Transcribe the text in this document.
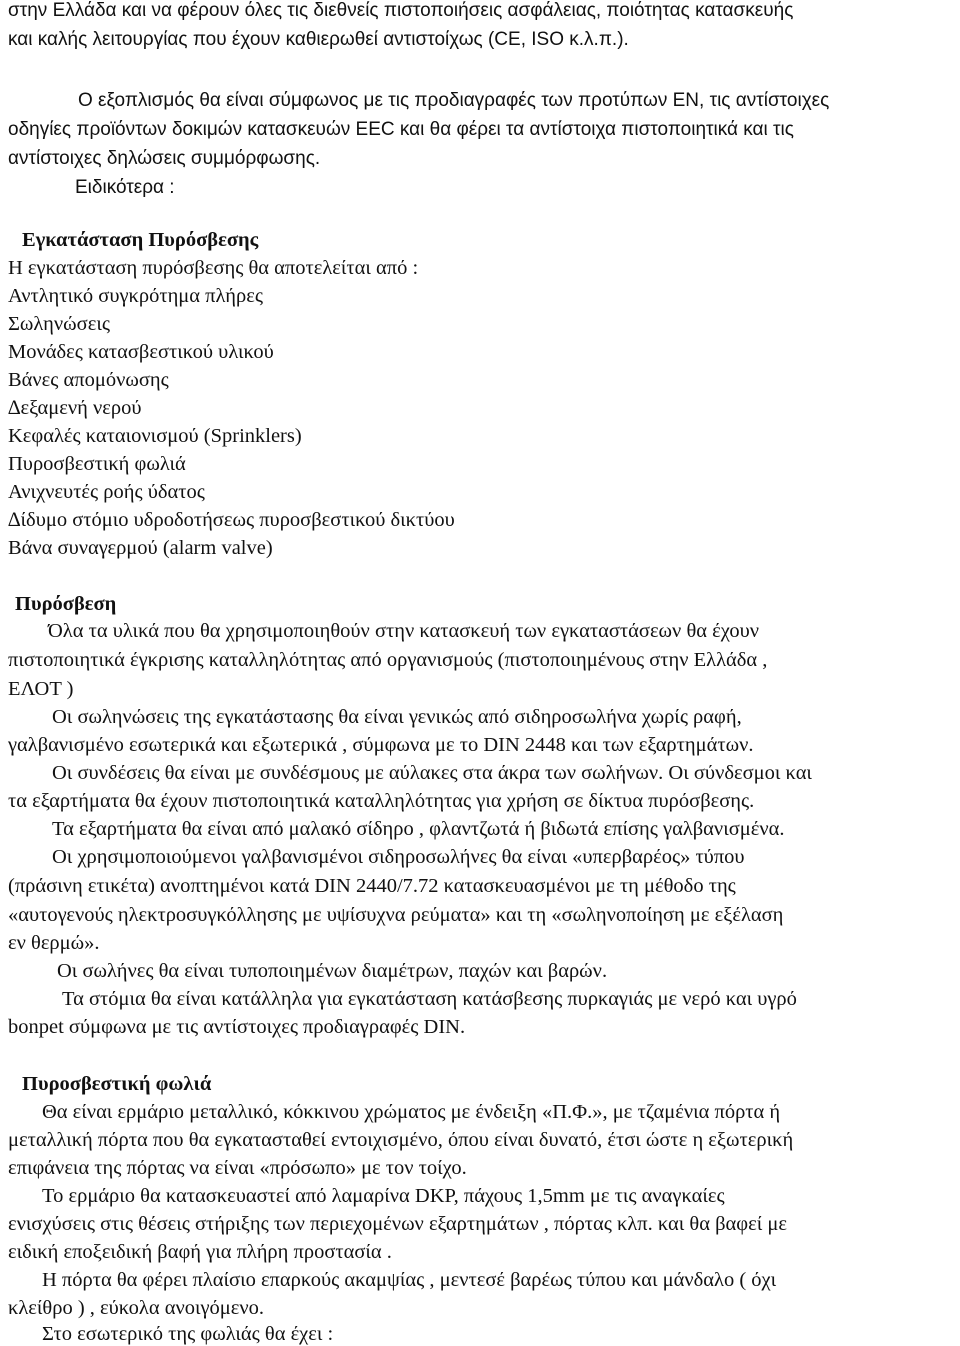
στην Ελλάδα και να φέρουν όλες τις διεθνείς πιστοποιήσεις ασφάλειας, ποιότητας κατασκευής
και καλής λειτουργίας που έχουν καθιερωθεί αντιστοίχως (CE, ISO κ.λ.π.).
Ο εξοπλισμός θα είναι σύμφωνος με τις προδιαγραφές των προτύπων ΕΝ, τις αντίστοιχες
οδηγίες προϊόντων δοκιμών κατασκευών ΕΕC και θα φέρει τα αντίστοιχα πιστοποιητικά και τις
αντίστοιχες δηλώσεις συμμόρφωσης.
Ειδικότερα :
Εγκατάσταση Πυρόσβεσης
Η εγκατάσταση πυρόσβεσης θα αποτελείται από :
Αντλητικό συγκρότημα πλήρες
Σωληνώσεις
Μονάδες κατασβεστικού υλικού
Βάνες απομόνωσης
∆εξαμενή νερού
Κεφαλές καταιονισμού (Sprinklers)
Πυροσβεστική φωλιά
Ανιχνευτές ροής ύδατος
∆ίδυμο στόμιο υδροδοτήσεως πυροσβεστικού δικτύου
Βάνα συναγερμού (alarm valve)
Πυρόσβεση
Όλα τα υλικά που θα χρησιμοποιηθούν στην κατασκευή των εγκαταστάσεων θα έχουν
πιστοποιητικά έγκρισης καταλληλότητας από οργανισμούς (πιστοποιημένους στην Ελλάδα ,
ΕΛΟΤ )
Οι σωληνώσεις της εγκατάστασης θα είναι γενικώς από σιδηροσωλήνα χωρίς ραφή,
γαλβανισμένο εσωτερικά και εξωτερικά , σύμφωνα με το DIN 2448 και των εξαρτημάτων.
Οι συνδέσεις θα είναι με συνδέσμους με αύλακες στα άκρα των σωλήνων. Οι σύνδεσμοι και
τα εξαρτήματα θα έχουν πιστοποιητικά καταλληλότητας για χρήση σε δίκτυα πυρόσβεσης.
Τα εξαρτήματα θα είναι από μαλακό σίδηρο , φλαντζωτά ή βιδωτά επίσης γαλβανισμένα.
Οι χρησιμοποιούμενοι γαλβανισμένοι σιδηροσωλήνες θα είναι «υπερβαρέος» τύπου
(πράσινη ετικέτα) ανοπτημένοι κατά DIN 2440/7.72 κατασκευασμένοι με τη μέθοδο της
«αυτογενούς ηλεκτροσυγκόλλησης με υψίσυχνα ρεύματα» και τη «σωληνοποίηση με εξέλαση
εν θερμώ».
Οι σωλήνες θα είναι τυποποιημένων διαμέτρων, παχών και βαρών.
Τα στόμια θα είναι κατάλληλα για εγκατάσταση κατάσβεσης πυρκαγιάς με νερό και υγρό
bonpet σύμφωνα με τις αντίστοιχες προδιαγραφές DIN.
Πυροσβεστική φωλιά
Θα είναι ερμάριο μεταλλικό, κόκκινου χρώματος με ένδειξη «Π.Φ.», με τζαμένια πόρτα ή
μεταλλική πόρτα που θα εγκατασταθεί εντοιχισμένο, όπου είναι δυνατό, έτσι ώστε η εξωτερική
επιφάνεια της πόρτας να είναι «πρόσωπο» με τον τοίχο.
Το ερμάριο θα κατασκευαστεί από λαμαρίνα DKP, πάχους 1,5mm με τις αναγκαίες
ενισχύσεις στις θέσεις στήριξης των περιεχομένων εξαρτημάτων , πόρτας κλπ. και θα βαφεί με
ειδική εποξειδική βαφή για πλήρη προστασία .
Η πόρτα θα φέρει πλαίσιο επαρκούς ακαμψίας , μεντεσέ βαρέως τύπου και μάνδαλο ( όχι
κλείθρο ) , εύκολα ανοιγόμενο.
Στο εσωτερικό της φωλιάς θα έχει :
